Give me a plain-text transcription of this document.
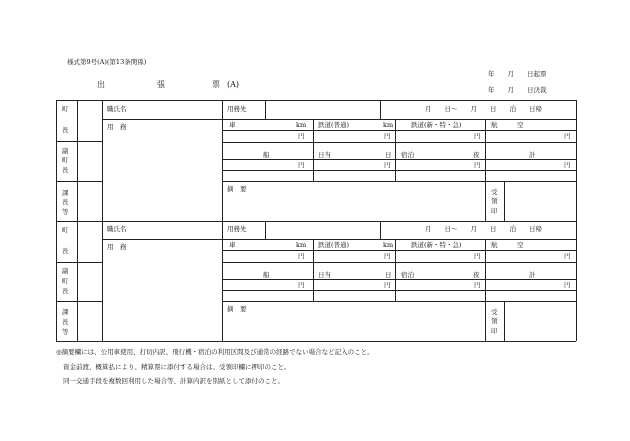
様式第9号(A)(第13条関係)
出	張	票 (A)
年　　月　　日起票
年　　月　　日決裁
町
長
副
町
長
課
長
等
町
長
副
町
長
課
長
等
職氏名	用務先	月　　日～　　月　　日　　泊　　日帰
用　務	車	km 鉄道(普通)	km	鉄道(新・特・急)	航　　　空
円	円	円	円
船	日当	日 宿泊	夜	計
円	円	円	円
摘　要	受
領
印
職氏名	用務先	月　　日～　　月　　日　　泊　　日帰
用　務	車	km 鉄道(普通)	km	鉄道(新・特・急)	航　　　空
円	円	円	円
船	日当	日 宿泊	夜	計
円	円	円	円
摘　要	受
領
印
◎摘要欄には、公用車使用、打切内訳、飛行機・宿泊の利用区間及び通常の経路でない場合など記入のこと。
資金前渡、概算払により、精算票に添付する場合は、受領印欄に押印のこと。
同一交通手段を複数回利用した場合等、計算内訳を別紙として添付のこと。
